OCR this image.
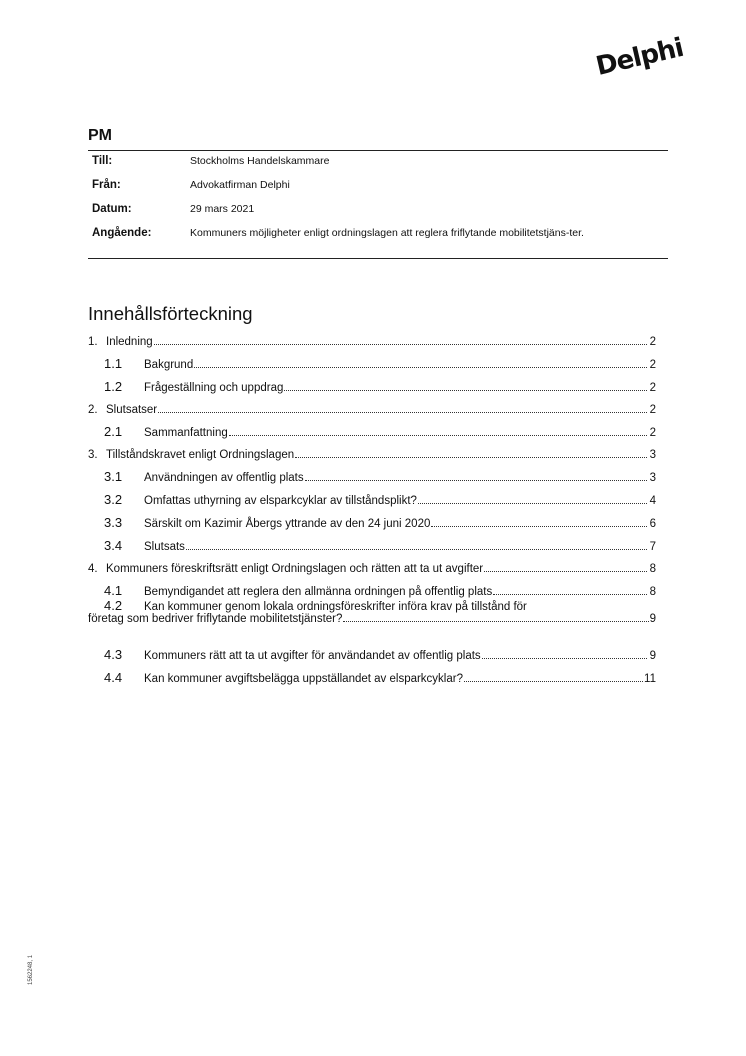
Delphi
PM
Till:	Stockholms Handelskammare
Från:	Advokatfirman Delphi
Datum:	29 mars 2021
Angående:	Kommuners möjligheter enligt ordningslagen att reglera friflytande mobilitetstjäns-ter.
Innehållsförteckning
1. Inledning	2
1.1	Bakgrund	2
1.2	Frågeställning och uppdrag	2
2. Slutsatser	2
2.1	Sammanfattning	2
3. Tillståndskravet enligt Ordningslagen	3
3.1	Användningen av offentlig plats	3
3.2	Omfattas uthyrning av elsparkcyklar av tillståndsplikt?	4
3.3	Särskilt om Kazimir Åbergs yttrande av den 24 juni 2020	6
3.4	Slutsats	7
4. Kommuners föreskriftsrätt enligt Ordningslagen och rätten att ta ut avgifter	8
4.1	Bemyndigandet att reglera den allmänna ordningen på offentlig plats	8
4.2 Kan kommuner genom lokala ordningsföreskrifter införa krav på tillstånd för
företag som bedriver friflytande mobilitetstjänster?	9
4.3	Kommuners rätt att ta ut avgifter för användandet av offentlig plats	9
4.4	Kan kommuner avgiftsbelägga uppställandet av elsparkcyklar?	11
1562248, 1
